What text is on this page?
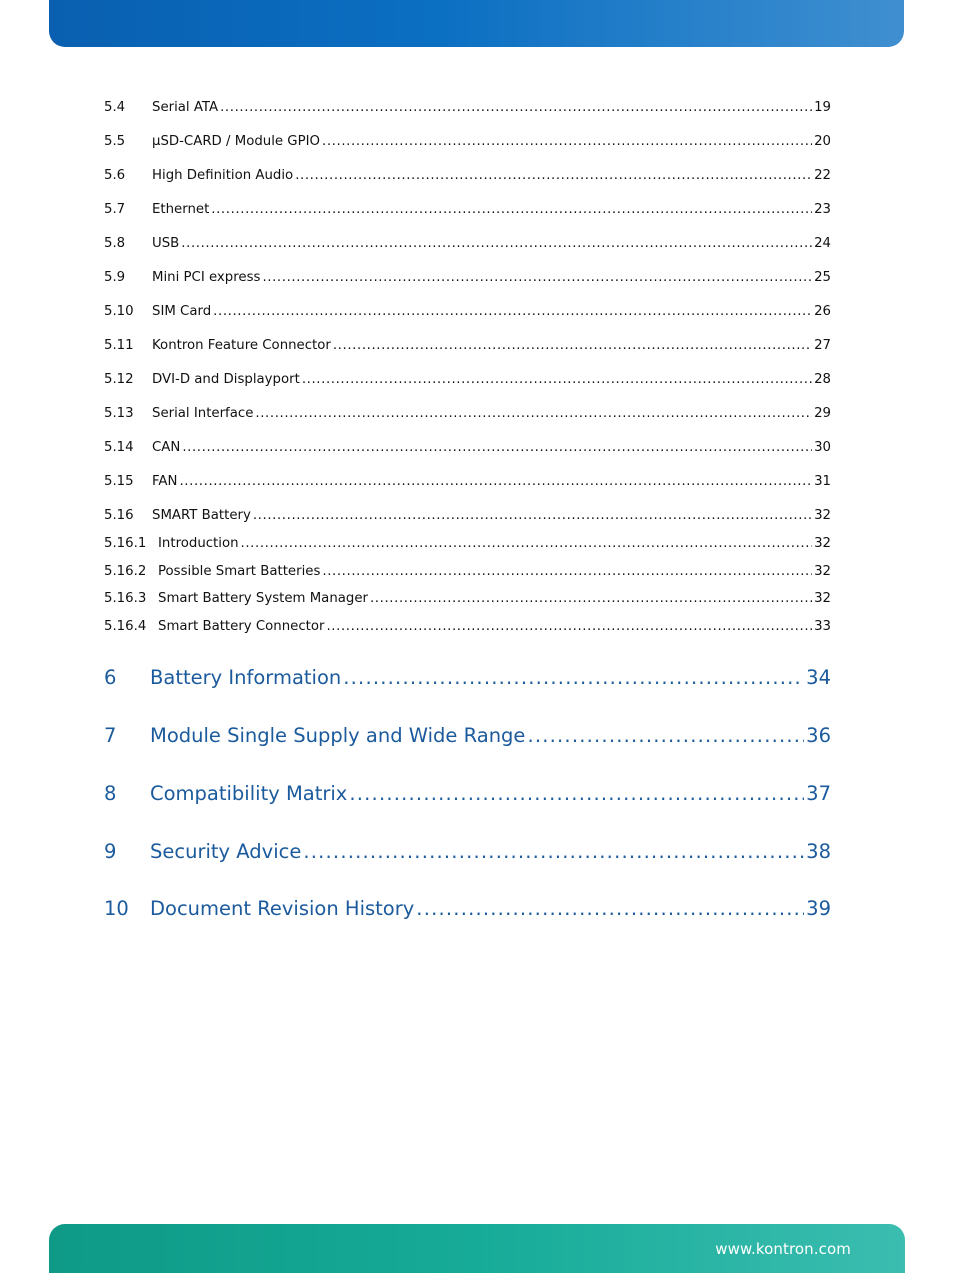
5.4	Serial ATA .....	19
5.5	µSD-CARD / Module GPIO .....	20
5.6	High Definition Audio .....	22
5.7	Ethernet .....	23
5.8	USB .....	24
5.9	Mini PCI express .....	25
5.10	SIM Card .....	26
5.11	Kontron Feature Connector .....	27
5.12	DVI-D and Displayport .....	28
5.13	Serial Interface .....	29
5.14	CAN .....	30
5.15	FAN .....	31
5.16	SMART Battery .....	32
5.16.1 Introduction .....	32
5.16.2 Possible Smart Batteries .....	32
5.16.3 Smart Battery System Manager .....	32
5.16.4 Smart Battery Connector .....	33
6	Battery Information .....	34
7	Module Single Supply and Wide Range .....	36
8	Compatibility Matrix .....	37
9	Security Advice .....	38
10	Document Revision History .....	39
www.kontron.com
